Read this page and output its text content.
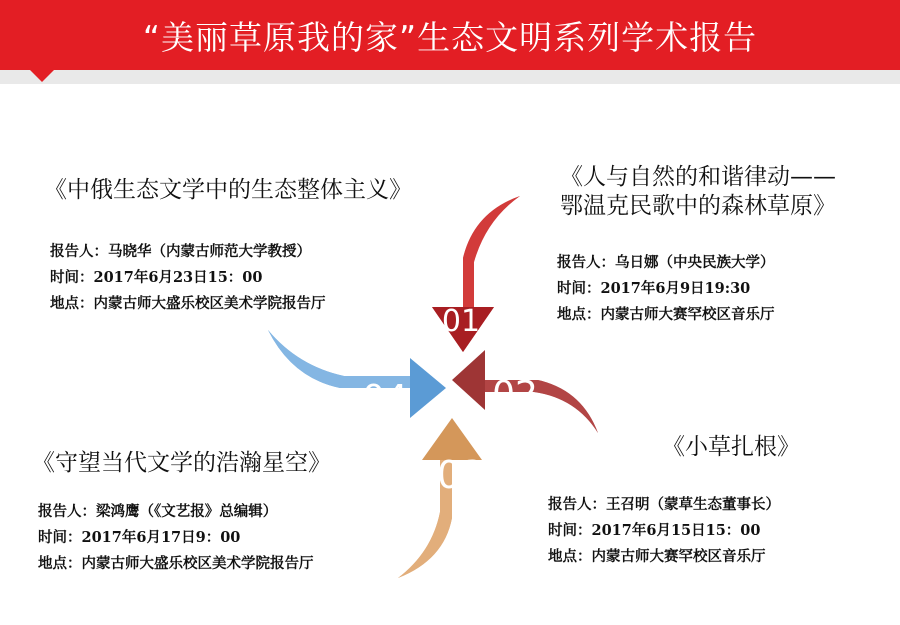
“美丽草原我的家”生态文明系列学术报告
01
02
03
04
《中俄生态文学中的生态整体主义》
报告人：马晓华（内蒙古师范大学教授）
时间：2017年6月23日15：00
地点：内蒙古师大盛乐校区美术学院报告厅
《人与自然的和谐律动——
鄂温克民歌中的森林草原》
报告人：乌日娜（中央民族大学）
时间：2017年6月9日19:30
地点：内蒙古师大赛罕校区音乐厅
《守望当代文学的浩瀚星空》
报告人：梁鸿鹰（《文艺报》总编辑）
时间：2017年6月17日9：00
地点：内蒙古师大盛乐校区美术学院报告厅
《小草扎根》
报告人：王召明（蒙草生态董事长）
时间：2017年6月15日15：00
地点：内蒙古师大赛罕校区音乐厅
